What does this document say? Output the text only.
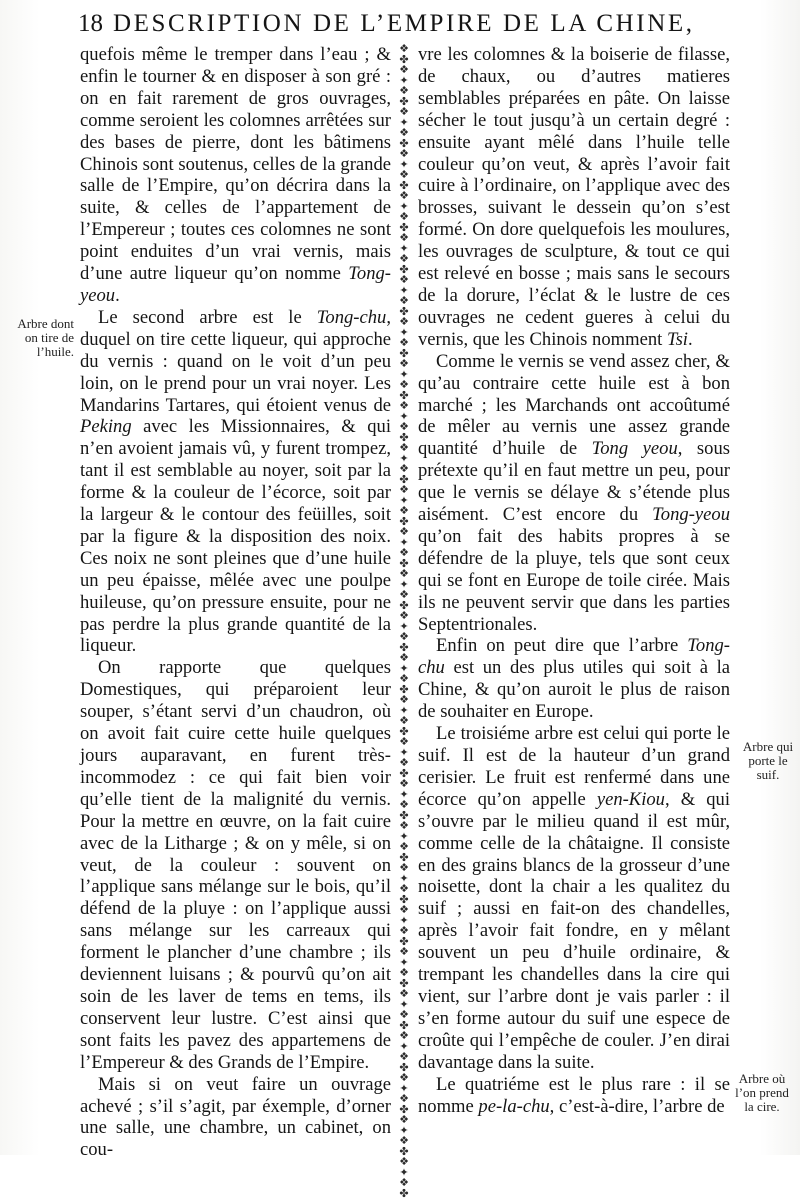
18 DESCRIPTION DE L’EMPIRE DE LA CHINE,

quefois même le tremper dans l’eau ; & enfin le tourner & en disposer à son gré : on en fait rarement de gros ouvrages, comme seroient les colomnes arrêtées sur des bases de pierre, dont les bâtimens Chinois sont soutenus, celles de la grande salle de l’Empire, qu’on décrira dans la suite, & celles de l’appartement de l’Empereur ; toutes ces colomnes ne sont point enduites d’un vrai vernis, mais d’une autre liqueur qu’on nomme Tong-yeou.

Le second arbre est le Tong-chu, duquel on tire cette liqueur, qui approche du vernis : quand on le voit d’un peu loin, on le prend pour un vrai noyer. Les Mandarins Tartares, qui étoient venus de Peking avec les Missionnaires, & qui n’en avoient jamais vû, y furent trompez, tant il est semblable au noyer, soit par la forme & la couleur de l’écorce, soit par la largeur & le contour des feüilles, soit par la figure & la disposition des noix. Ces noix ne sont pleines que d’une huile un peu épaisse, mêlée avec une poulpe huileuse, qu’on pressure ensuite, pour ne pas perdre la plus grande quantité de la liqueur.

On rapporte que quelques Domestiques, qui préparoient leur souper, s’étant servi d’un chaudron, où on avoit fait cuire cette huile quelques jours auparavant, en furent très-incommodez : ce qui fait bien voir qu’elle tient de la malignité du vernis. Pour la mettre en œuvre, on la fait cuire avec de la Litharge ; & on y mêle, si on veut, de la couleur : souvent on l’applique sans mélange sur le bois, qu’il défend de la pluye : on l’applique aussi sans mélange sur les carreaux qui forment le plancher d’une chambre ; ils deviennent luisans ; & pourvû qu’on ait soin de les laver de tems en tems, ils conservent leur lustre. C’est ainsi que sont faits les pavez des appartemens de l’Empereur & des Grands de l’Empire.

Mais si on veut faire un ouvrage achevé ; s’il s’agit, par éxemple, d’orner une salle, une chambre, un cabinet, on cou-

❖
✤
❖
✦
❖
✤
❖
✦
❖
✤
❖
✦
❖
✤
❖
✦
❖
✤
❖
✦
❖
✤
❖
✦
❖
✤
❖
✦
❖
✤
❖
✦
❖
✤
❖
✦
❖
✤
❖
✦
❖
✤
❖
✦
❖
✤
❖
✦
❖
✤
❖
✦
❖
✤
❖
✦
❖
✤
❖
✦
❖
✤
❖
✦
❖
✤
❖
✦
❖
✤
❖
✦
❖
✤
❖
✦
❖
✤
❖
✦
❖
✤
❖
✦
❖
✤
❖
✦
❖
✤
❖
✦
❖
✤
❖
✦
❖
✤
❖
✦
❖
✤
❖
✦
❖
✤
❖
✦
❖
✤

vre les colomnes & la boiserie de filasse, de chaux, ou d’autres matieres semblables préparées en pâte. On laisse sécher le tout jusqu’à un certain degré : ensuite ayant mêlé dans l’huile telle couleur qu’on veut, & après l’avoir fait cuire à l’ordinaire, on l’applique avec des brosses, suivant le dessein qu’on s’est formé. On dore quelquefois les moulures, les ouvrages de sculpture, & tout ce qui est relevé en bosse ; mais sans le secours de la dorure, l’éclat & le lustre de ces ouvrages ne cedent gueres à celui du vernis, que les Chinois nomment Tsi.

Comme le vernis se vend assez cher, & qu’au contraire cette huile est à bon marché ; les Marchands ont accoûtumé de mêler au vernis une assez grande quantité d’huile de Tong yeou, sous prétexte qu’il en faut mettre un peu, pour que le vernis se délaye & s’étende plus aisément. C’est encore du Tong-yeou qu’on fait des habits propres à se défendre de la pluye, tels que sont ceux qui se font en Europe de toile cirée. Mais ils ne peuvent servir que dans les parties Septentrionales.

Enfin on peut dire que l’arbre Tong-chu est un des plus utiles qui soit à la Chine, & qu’on auroit le plus de raison de souhaiter en Europe.

Le troisiéme arbre est celui qui porte le suif. Il est de la hauteur d’un grand cerisier. Le fruit est renfermé dans une écorce qu’on appelle yen-Kiou, & qui s’ouvre par le milieu quand il est mûr, comme celle de la châtaigne. Il consiste en des grains blancs de la grosseur d’une noisette, dont la chair a les qualitez du suif ; aussi en fait-on des chandelles, après l’avoir fait fondre, en y mêlant souvent un peu d’huile ordinaire, & trempant les chandelles dans la cire qui vient, sur l’arbre dont je vais parler : il s’en forme autour du suif une espece de croûte qui l’empêche de couler. J’en dirai davantage dans la suite.

Le quatriéme est le plus rare : il se nomme pe-la-chu, c’est-à-dire, l’arbre de

Arbre dont on tire de l’huile.
Arbre qui porte le suif.
Arbre où l’on prend la cire.
